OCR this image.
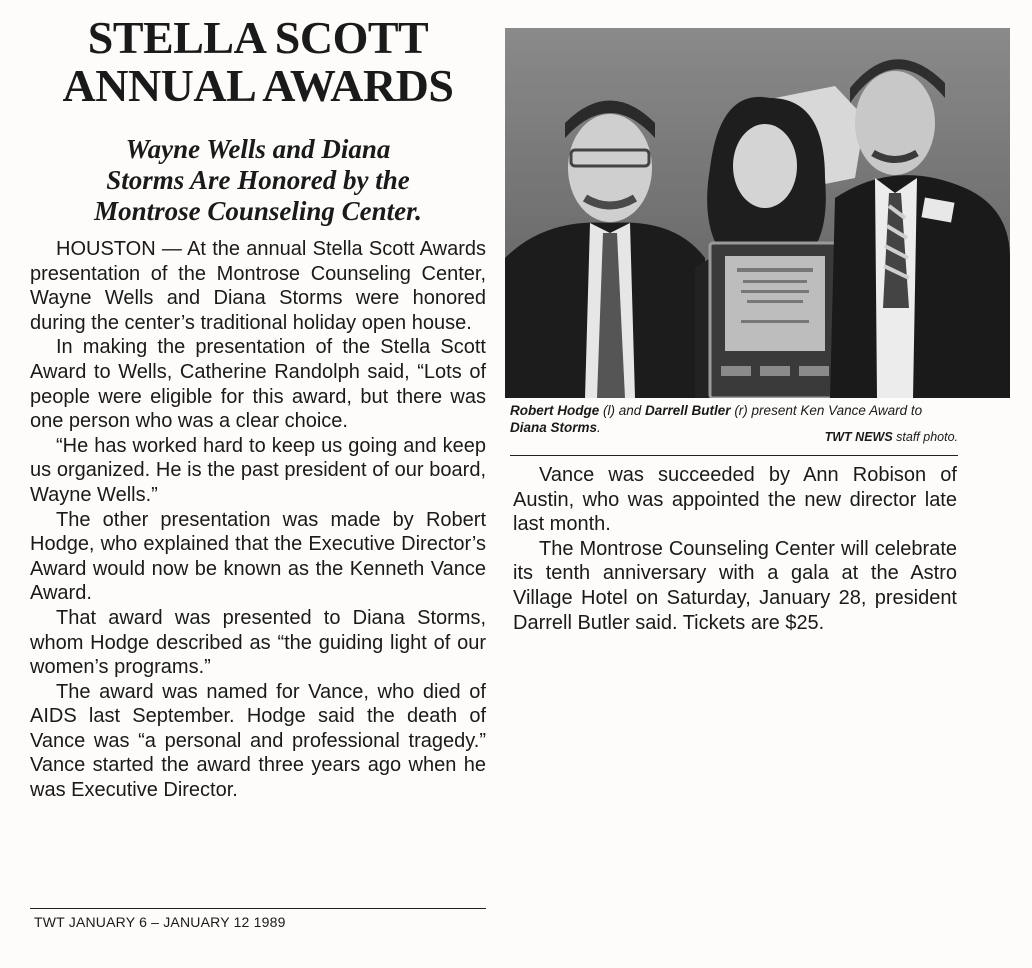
STELLA SCOTT
ANNUAL AWARDS
Wayne Wells and Diana
Storms Are Honored by the
Montrose Counseling Center.

HOUSTON — At the annual Stella Scott Awards presentation of the Montrose Counseling Center, Wayne Wells and Diana Storms were honored during the center’s traditional holiday open house.

In making the presentation of the Stella Scott Award to Wells, Catherine Randolph said, “Lots of people were eligible for this award, but there was one person who was a clear choice.

“He has worked hard to keep us going and keep us organized. He is the past president of our board, Wayne Wells.”

The other presentation was made by Robert Hodge, who explained that the Executive Director’s Award would now be known as the Kenneth Vance Award.

That award was presented to Diana Storms, whom Hodge described as “the guiding light of our women’s programs.”

The award was named for Vance, who died of AIDS last September. Hodge said the death of Vance was “a personal and professional tragedy.” Vance started the award three years ago when he was Executive Director.

TWT JANUARY 6 – JANUARY 12 1989
Robert Hodge (l) and Darrell Butler (r) present Ken Vance Award to Diana Storms.
TWT NEWS staff photo.

Vance was succeeded by Ann Robison of Austin, who was appointed the new director late last month.

The Montrose Counseling Center will celebrate its tenth anniversary with a gala at the Astro Village Hotel on Saturday, January 28, president Darrell Butler said. Tickets are $25.
